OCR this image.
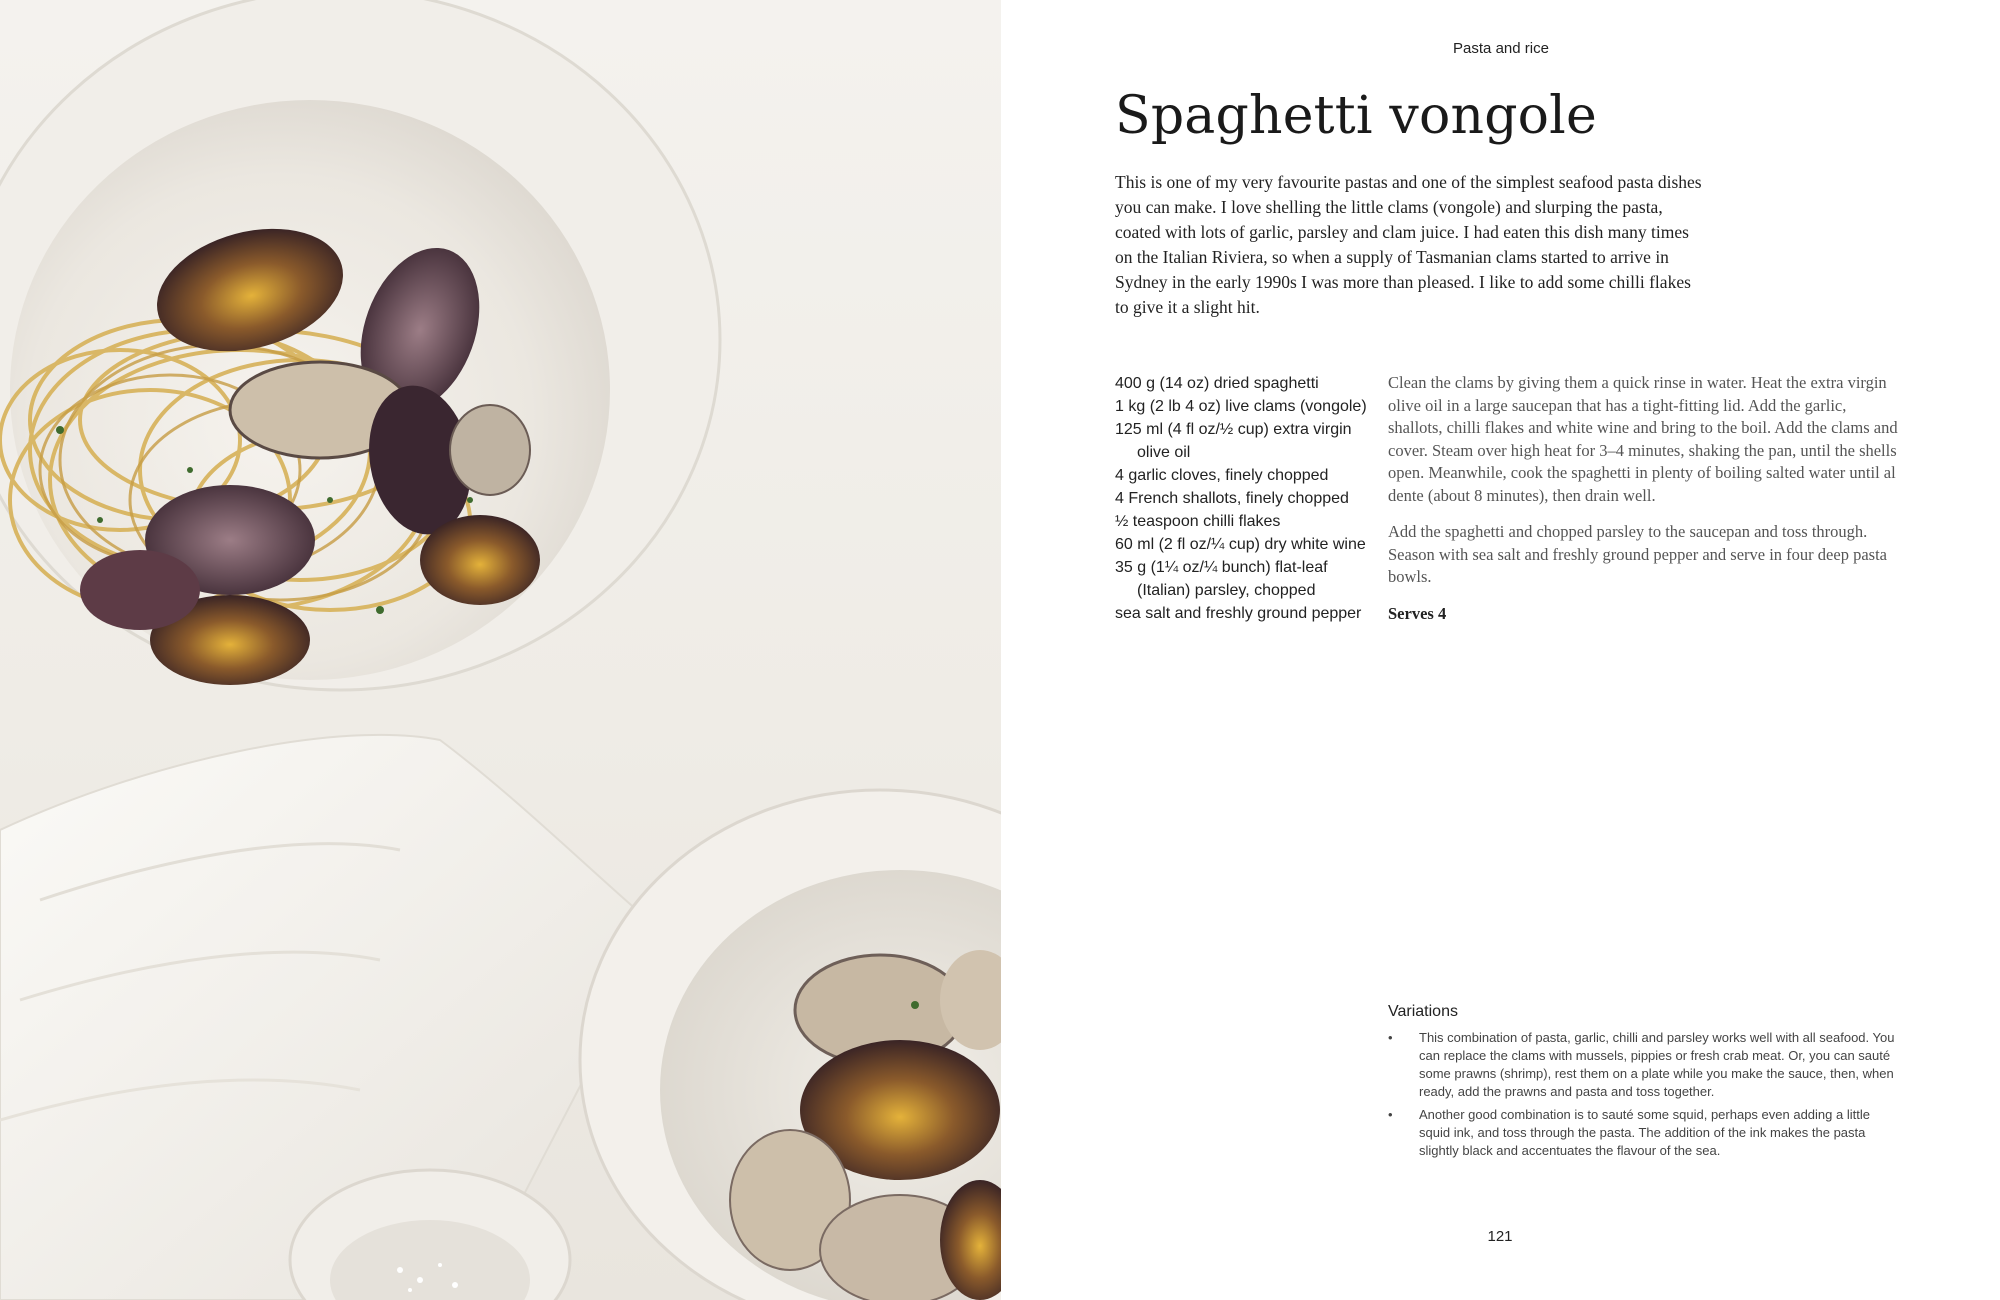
Pasta and rice
Spaghetti vongole

This is one of my very favourite pastas and one of the simplest seafood pasta dishes you can make. I love shelling the little clams (vongole) and slurping the pasta, coated with lots of garlic, parsley and clam juice. I had eaten this dish many times on the Italian Riviera, so when a supply of Tasmanian clams started to arrive in Sydney in the early 1990s I was more than pleased. I like to add some chilli flakes to give it a slight hit.

400 g (14 oz) dried spaghetti
1 kg (2 lb 4 oz) live clams (vongole)
125 ml (4 fl oz/½ cup) extra virgin olive oil
4 garlic cloves, finely chopped
4 French shallots, finely chopped
½ teaspoon chilli flakes
60 ml (2 fl oz/¼ cup) dry white wine
35 g (1¼ oz/¼ bunch) flat-leaf (Italian) parsley, chopped
sea salt and freshly ground pepper

Clean the clams by giving them a quick rinse in water. Heat the extra virgin olive oil in a large saucepan that has a tight-fitting lid. Add the garlic, shallots, chilli flakes and white wine and bring to the boil. Add the clams and cover. Steam over high heat for 3–4 minutes, shaking the pan, until the shells open. Meanwhile, cook the spaghetti in plenty of boiling salted water until al dente (about 8 minutes), then drain well.

Add the spaghetti and chopped parsley to the saucepan and toss through. Season with sea salt and freshly ground pepper and serve in four deep pasta bowls.

Serves 4

Variations
• This combination of pasta, garlic, chilli and parsley works well with all seafood. You can replace the clams with mussels, pippies or fresh crab meat. Or, you can sauté some prawns (shrimp), rest them on a plate while you make the sauce, then, when ready, add the prawns and pasta and toss together.
• Another good combination is to sauté some squid, perhaps even adding a little squid ink, and toss through the pasta. The addition of the ink makes the pasta slightly black and accentuates the flavour of the sea.
121
